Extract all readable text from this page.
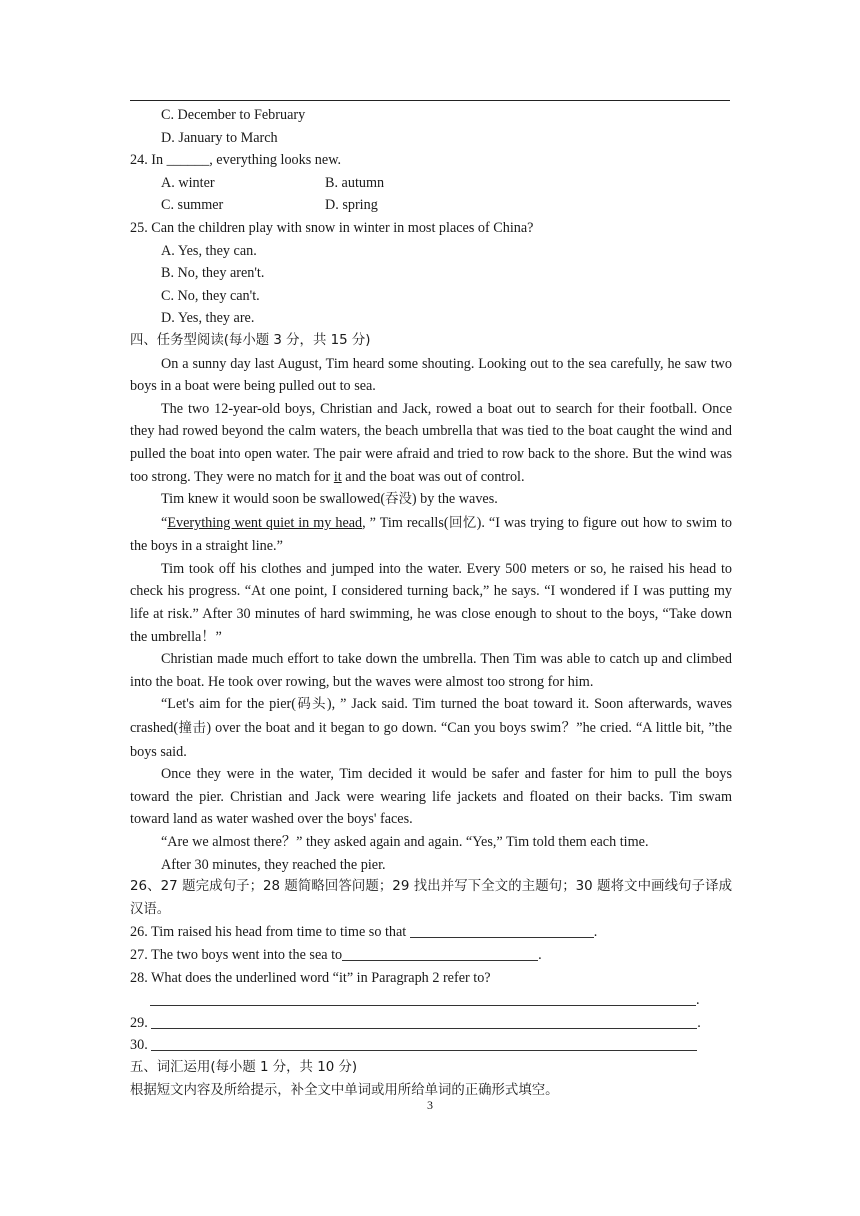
C. December to February
D. January to March
24. In ______, everything looks new.
A. winter	B. autumn
C. summer	D. spring
25. Can the children play with snow in winter in most places of China?
A. Yes, they can.
B. No, they aren't.
C. No, they can't.
D. Yes, they are.
四、任务型阅读(每小题 3 分，共 15 分)
On a sunny day last August, Tim heard some shouting. Looking out to the sea carefully, he saw two boys in a boat were being pulled out to sea.
The two 12-year-old boys, Christian and Jack, rowed a boat out to search for their football. Once they had rowed beyond the calm waters, the beach umbrella that was tied to the boat caught the wind and pulled the boat into open water. The pair were afraid and tried to row back to the shore. But the wind was too strong. They were no match for it and the boat was out of control.
Tim knew it would soon be swallowed(吞没) by the waves.
“Everything went quiet in my head, ” Tim recalls(回忆). “I was trying to figure out how to swim to the boys in a straight line.”
Tim took off his clothes and jumped into the water. Every 500 meters or so, he raised his head to check his progress. “At one point, I considered turning back,” he says. “I wondered if I was putting my life at risk.” After 30 minutes of hard swimming, he was close enough to shout to the boys, “Take down the umbrella！”
Christian made much effort to take down the umbrella. Then Tim was able to catch up and climbed into the boat. He took over rowing, but the waves were almost too strong for him.
“Let's aim for the pier(码头), ” Jack said. Tim turned the boat toward it. Soon afterwards, waves crashed(撞击) over the boat and it began to go down. “Can you boys swim？”he cried. “A little bit, ”the boys said.
Once they were in the water, Tim decided it would be safer and faster for him to pull the boys toward the pier. Christian and Jack were wearing life jackets and floated on their backs. Tim swam toward land as water washed over the boys' faces.
“Are we almost there？” they asked again and again. “Yes,” Tim told them each time.
After 30 minutes, they reached the pier.
26、27 题完成句子；28 题简略回答问题；29 找出并写下全文的主题句；30 题将文中画线句子译成汉语。
26. Tim raised his head from time to time so that	.
27. The two boys went into the sea to	.
28. What does the underlined word “it” in Paragraph 2 refer to?
.
29.	.
30.
五、词汇运用(每小题 1 分，共 10 分)
根据短文内容及所给提示，补全文中单词或用所给单词的正确形式填空。
3
